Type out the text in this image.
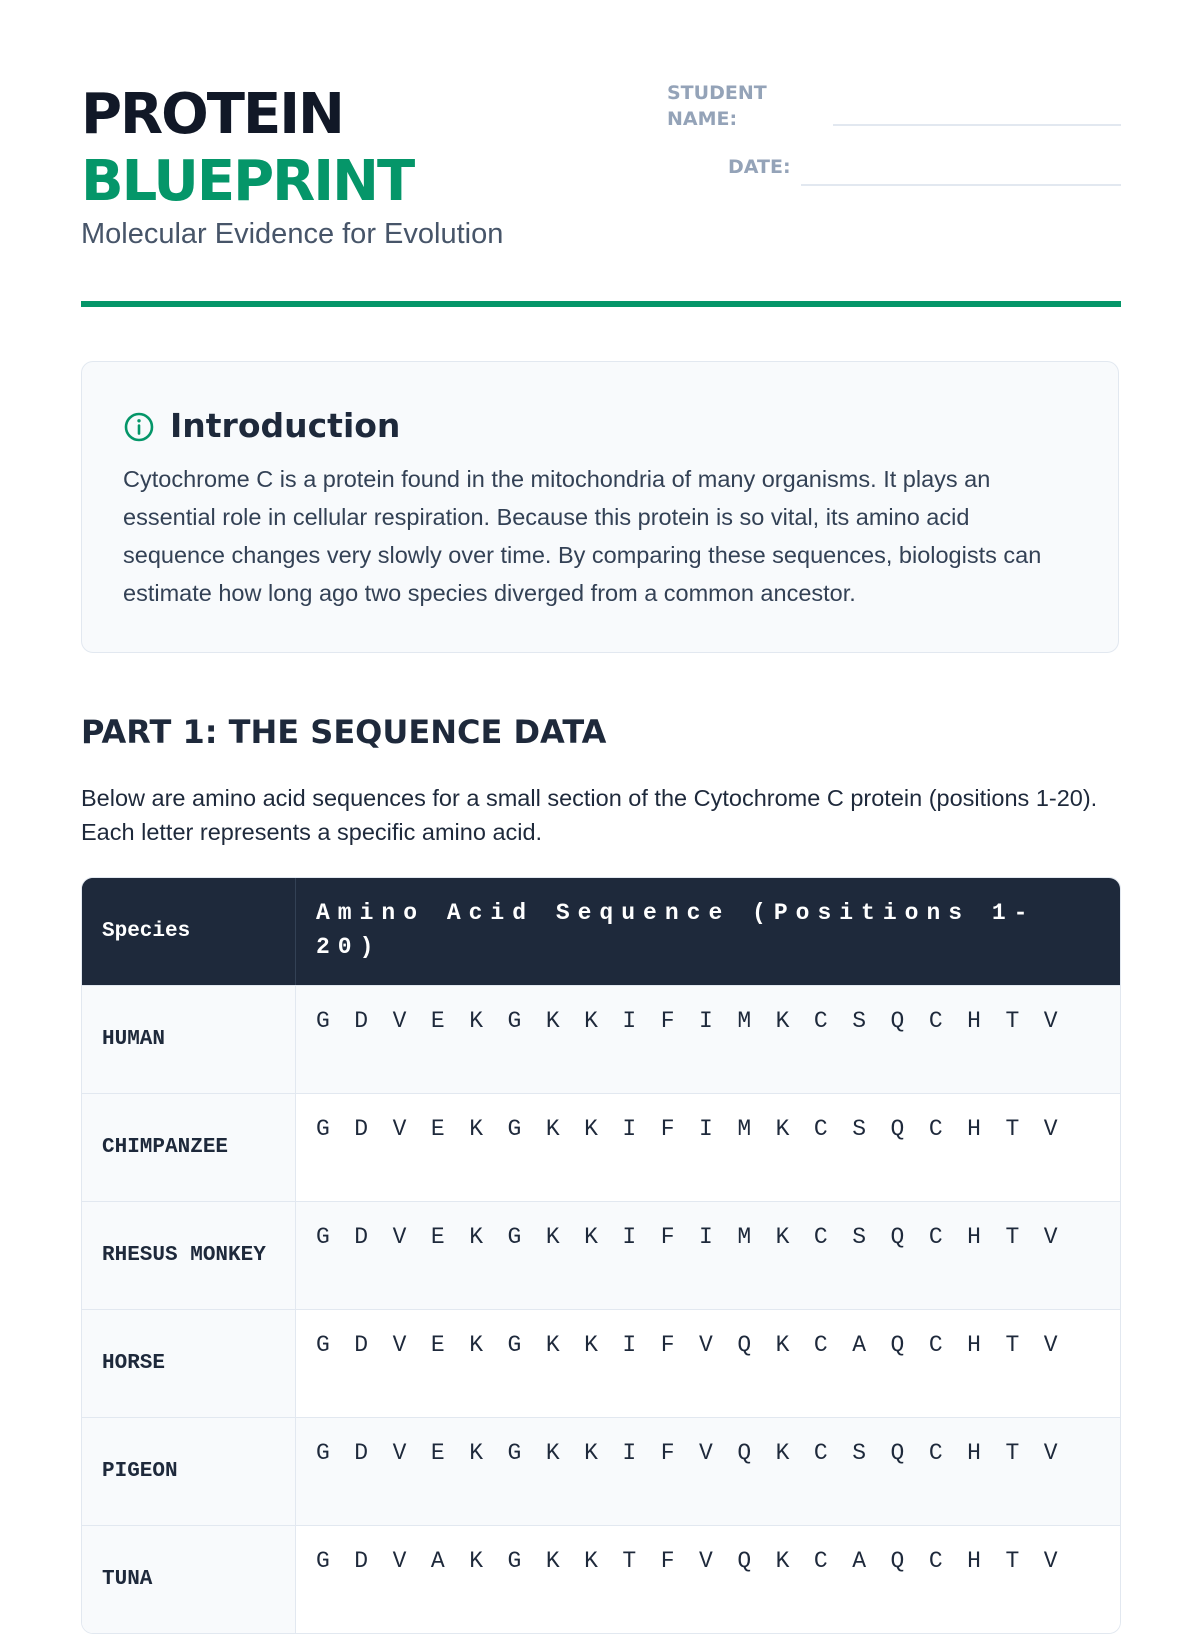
PROTEIN
BLUEPRINT
Molecular Evidence for Evolution
STUDENT NAME:
DATE:
Introduction
Cytochrome C is a protein found in the mitochondria of many organisms. It plays an essential role in cellular respiration. Because this protein is so vital, its amino acid sequence changes very slowly over time. By comparing these sequences, biologists can estimate how long ago two species diverged from a common ancestor.
PART 1: THE SEQUENCE DATA
Below are amino acid sequences for a small section of the Cytochrome C protein (positions 1-20). Each letter represents a specific amino acid.
Species
Amino Acid Sequence (Positions 1-20)
HUMAN
GDVEKGKKIFIMKCSQCHTV
CHIMPANZEE
GDVEKGKKIFIMKCSQCHTV
RHESUS MONKEY
GDVEKGKKIFIMKCSQCHTV
HORSE
GDVEKGKKIFVQKCAQCHTV
PIGEON
GDVEKGKKIFVQKCSQCHTV
TUNA
GDVAKGKKTFVQKCAQCHTV
